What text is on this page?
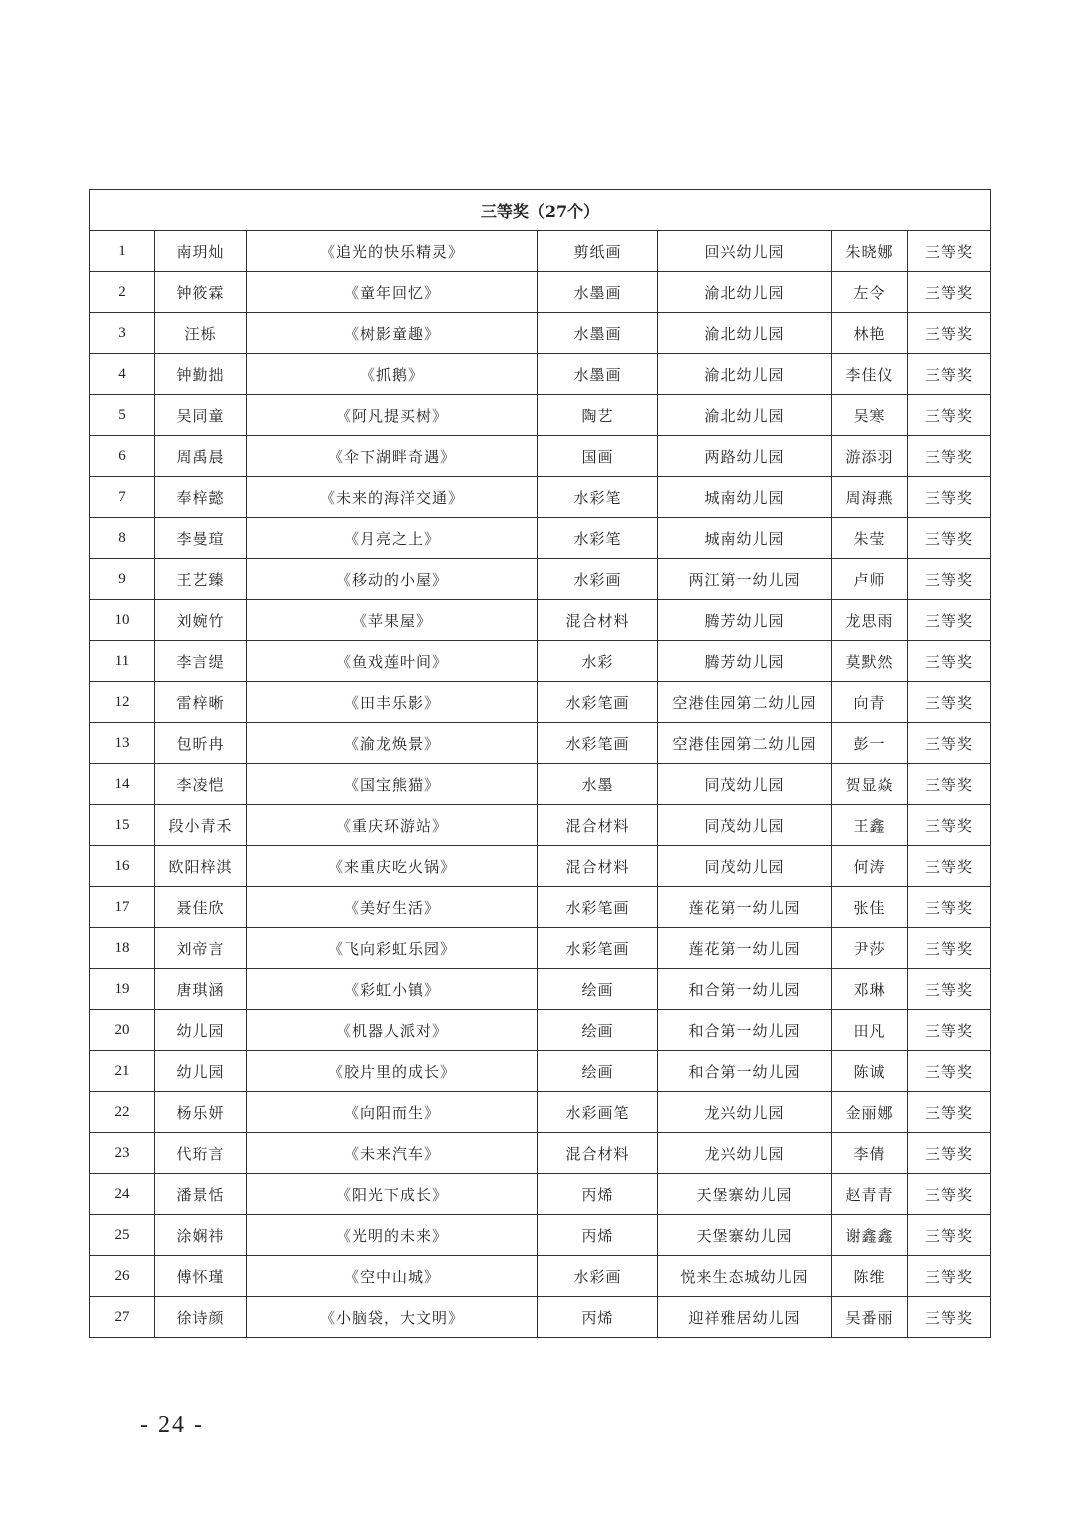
三等奖（27个）						
1	南玥灿	《追光的快乐精灵》	剪纸画	回兴幼儿园	朱晓娜	三等奖
2	钟筱霖	《童年回忆》	水墨画	渝北幼儿园	左令	三等奖
3	汪栎	《树影童趣》	水墨画	渝北幼儿园	林艳	三等奖
4	钟勤拙	《抓鹅》	水墨画	渝北幼儿园	李佳仪	三等奖
5	吴同童	《阿凡提买树》	陶艺	渝北幼儿园	吴寒	三等奖
6	周禹晨	《伞下湖畔奇遇》	国画	两路幼儿园	游添羽	三等奖
7	奉梓懿	《未来的海洋交通》	水彩笔	城南幼儿园	周海燕	三等奖
8	李曼瑄	《月亮之上》	水彩笔	城南幼儿园	朱莹	三等奖
9	王艺臻	《移动的小屋》	水彩画	两江第一幼儿园	卢师	三等奖
10	刘婉竹	《苹果屋》	混合材料	腾芳幼儿园	龙思雨	三等奖
11	李言缇	《鱼戏莲叶间》	水彩	腾芳幼儿园	莫默然	三等奖
12	雷梓晰	《田丰乐影》	水彩笔画	空港佳园第二幼儿园	向青	三等奖
13	包昕冉	《渝龙焕景》	水彩笔画	空港佳园第二幼儿园	彭一	三等奖
14	李凌恺	《国宝熊猫》	水墨	同茂幼儿园	贺显焱	三等奖
15	段小青禾	《重庆环游站》	混合材料	同茂幼儿园	王鑫	三等奖
16	欧阳梓淇	《来重庆吃火锅》	混合材料	同茂幼儿园	何涛	三等奖
17	聂佳欣	《美好生活》	水彩笔画	莲花第一幼儿园	张佳	三等奖
18	刘帝言	《飞向彩虹乐园》	水彩笔画	莲花第一幼儿园	尹莎	三等奖
19	唐琪涵	《彩虹小镇》	绘画	和合第一幼儿园	邓琳	三等奖
20	幼儿园	《机器人派对》	绘画	和合第一幼儿园	田凡	三等奖
21	幼儿园	《胶片里的成长》	绘画	和合第一幼儿园	陈诚	三等奖
22	杨乐妍	《向阳而生》	水彩画笔	龙兴幼儿园	金丽娜	三等奖
23	代珩言	《未来汽车》	混合材料	龙兴幼儿园	李倩	三等奖
24	潘景恬	《阳光下成长》	丙烯	天堡寨幼儿园	赵青青	三等奖
25	涂娴祎	《光明的未来》	丙烯	天堡寨幼儿园	谢鑫鑫	三等奖
26	傅怀瑾	《空中山城》	水彩画	悦来生态城幼儿园	陈维	三等奖
27	徐诗颜	《小脑袋，大文明》	丙烯	迎祥雅居幼儿园	吴番丽	三等奖
- 24 -
